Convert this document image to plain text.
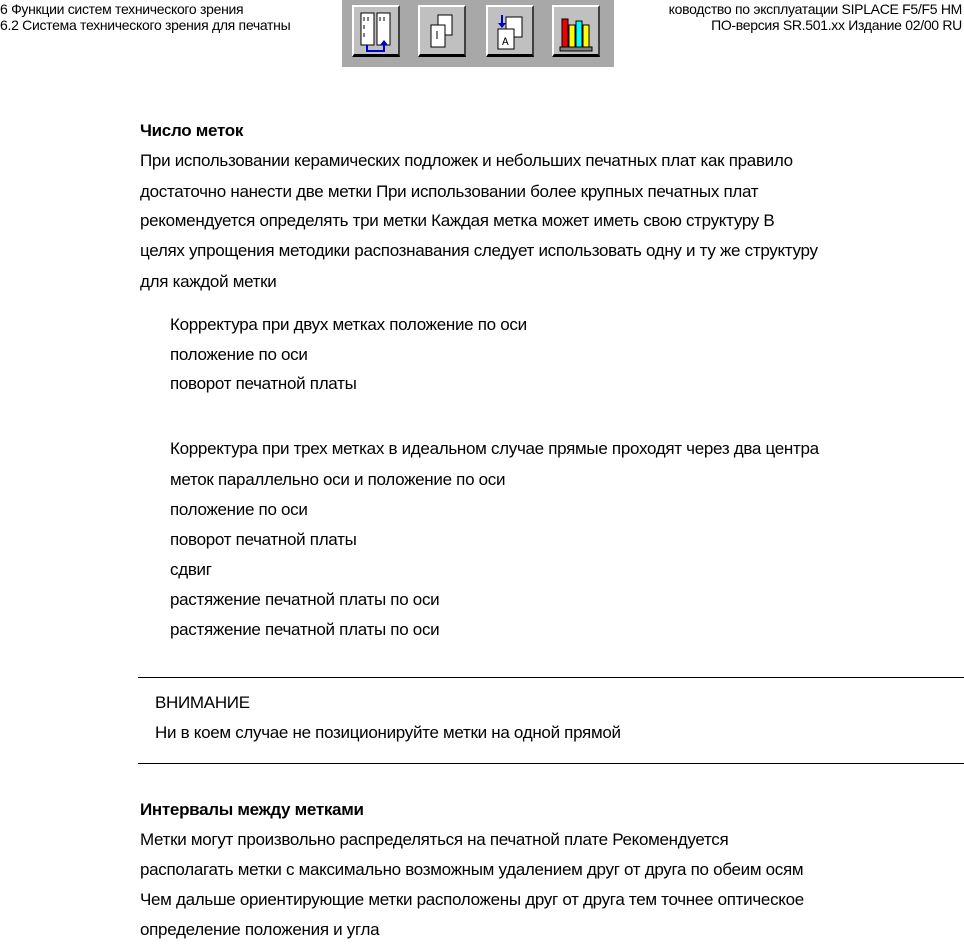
6 Функции систем технического зрения
6.2 Система технического зрения для печатны
ководство по эксплуатации SIPLACE F5/F5 HM
ПО-версия SR.501.xx Издание 02/00 RU
A
Число меток
ВНИМАНИЕ
Ни в коем случае не позиционируйте метки на одной прямой
Интервалы между метками
При использовании керамических подложек и небольших печатных плат как правило
достаточно нанести две метки При использовании более крупных печатных плат
рекомендуется определять три метки Каждая метка может иметь свою структуру В
целях упрощения методики распознавания следует использовать одну и ту же структуру
для каждой метки
Корректура при двух метках положение по оси
положение по оси
поворот печатной платы
Корректура при трех метках в идеальном случае прямые проходят через два центра
меток параллельно оси и положение по оси
положение по оси
поворот печатной платы
сдвиг
растяжение печатной платы по оси
растяжение печатной платы по оси
Метки могут произвольно распределяться на печатной плате Рекомендуется
располагать метки с максимально возможным удалением друг от друга по обеим осям
Чем дальше ориентирующие метки расположены друг от друга тем точнее оптическое
определение положения и угла
